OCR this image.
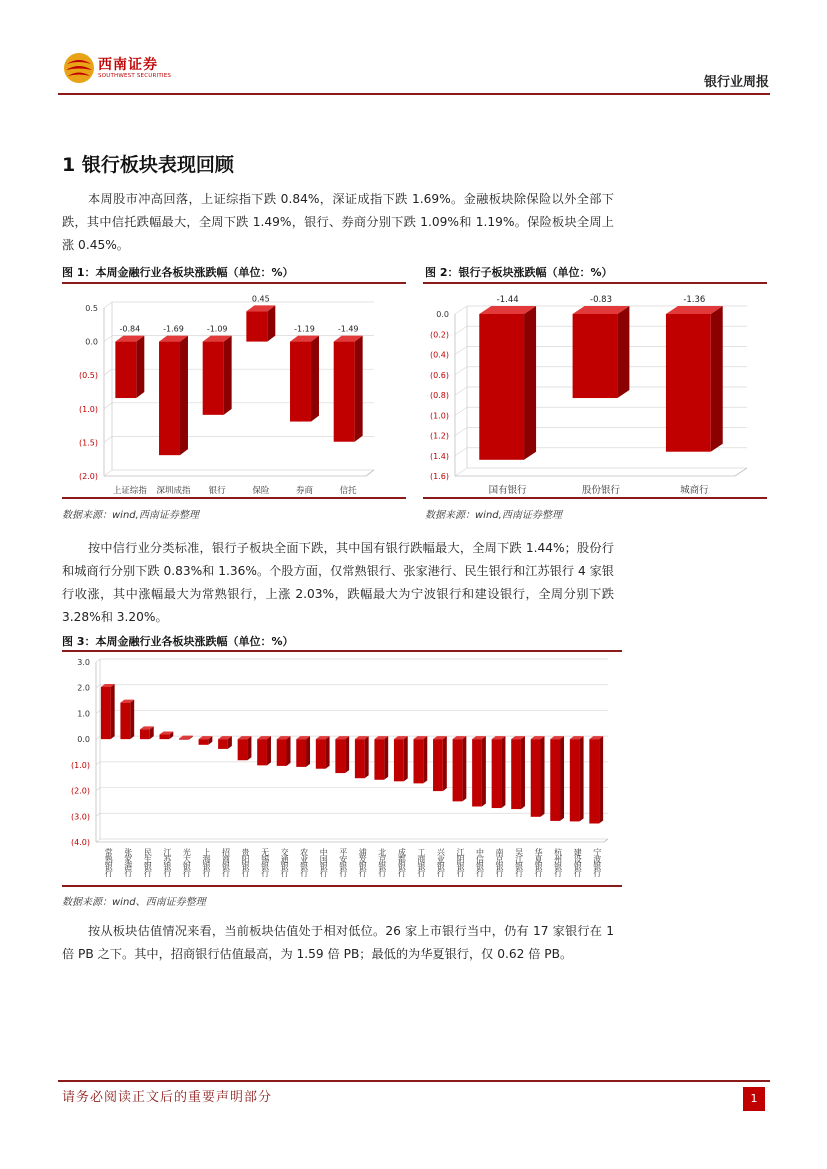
西南证券
SOUTHWEST SECURITIES	银行业周报
1 银行板块表现回顾
本周股市冲高回落，上证综指下跌 0.84%，深证成指下跌 1.69%。金融板块除保险以外全部下跌，其中信托跌幅最大，全周下跌 1.49%，银行、券商分别下跌 1.09%和 1.19%。保险板块全周上涨 0.45%。
图 1：本周金融行业各板块涨跌幅（单位：%）
0.5
0.0
(0.5)
(1.0)
(1.5)
(2.0)
-0.84
上证综指
-1.69
深圳成指
-1.09
银行
0.45
保险
-1.19
券商
-1.49
信托
数据来源：wind,西南证券整理
图 2：银行子板块涨跌幅（单位：%）
0.0
(0.2)
(0.4)
(0.6)
(0.8)
(1.0)
(1.2)
(1.4)
(1.6)
-1.44
国有银行
-0.83
股份银行
-1.36
城商行
数据来源：wind,西南证券整理
按中信行业分类标准，银行子板块全面下跌，其中国有银行跌幅最大，全周下跌 1.44%；股份行和城商行分别下跌 0.83%和 1.36%。个股方面，仅常熟银行、张家港行、民生银行和江苏银行 4 家银行收涨，其中涨幅最大为常熟银行，上涨 2.03%，跌幅最大为宁波银行和建设银行，全周分别下跌 3.28%和 3.20%。
图 3：本周金融行业各板块涨跌幅（单位：%）
3.0
2.0
1.0
0.0
(1.0)
(2.0)
(3.0)
(4.0)
常熟银行 张家港行 民生银行 江苏银行 光大银行 上海银行 招商银行 贵阳银行 无锡银行 交通银行 农业银行 中国银行 平安银行 浦发银行 北京银行 成都银行 工商银行 兴业银行 江阴银行 中信银行 南京银行 吴江银行 华夏银行 杭州银行 建设银行 宁波银行
数据来源：wind、西南证券整理
按从板块估值情况来看，当前板块估值处于相对低位。26 家上市银行当中，仍有 17 家银行在 1 倍 PB 之下。其中，招商银行估值最高，为 1.59 倍 PB；最低的为华夏银行，仅 0.62 倍 PB。
请务必阅读正文后的重要声明部分	1
